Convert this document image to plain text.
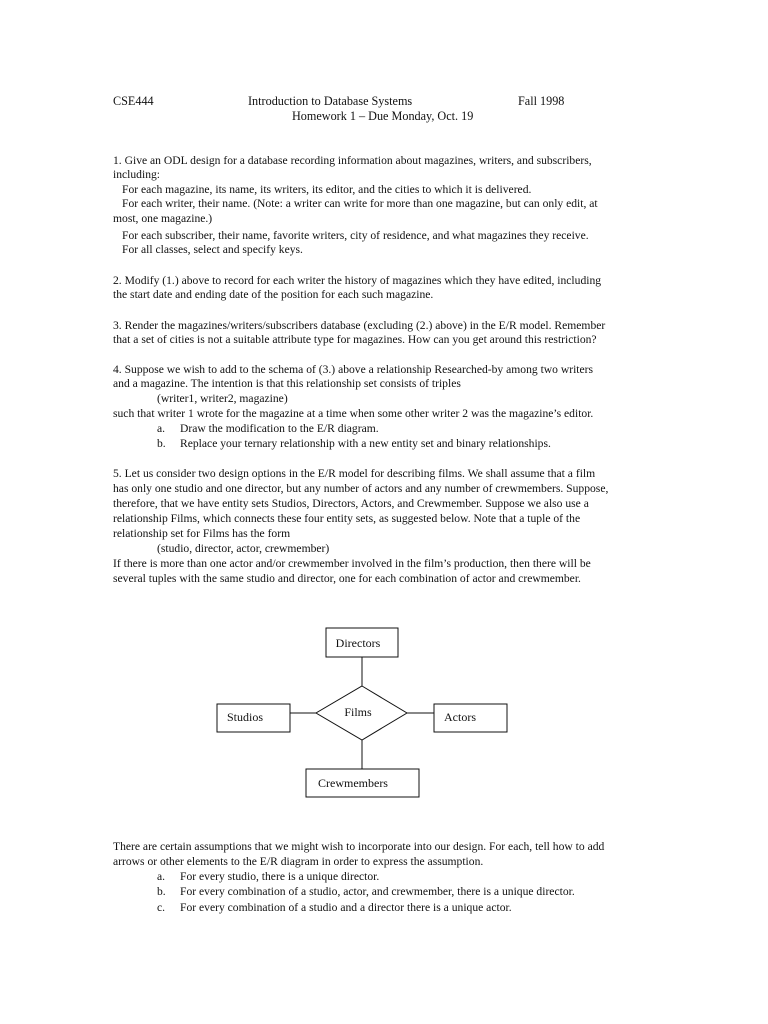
CSE444	Introduction to Database Systems	Fall 1998
Homework 1 – Due Monday, Oct. 19
1. Give an ODL design for a database recording information about magazines, writers, and subscribers,
including:
For each magazine, its name, its writers, its editor, and the cities to which it is delivered.
For each writer, their name. (Note: a writer can write for more than one magazine, but can only edit, at
most, one magazine.)
For each subscriber, their name, favorite writers, city of residence, and what magazines they receive.
For all classes, select and specify keys.
2. Modify (1.) above to record for each writer the history of magazines which they have edited, including
the start date and ending date of the position for each such magazine.
3. Render the magazines/writers/subscribers database (excluding (2.) above) in the E/R model. Remember
that a set of cities is not a suitable attribute type for magazines. How can you get around this restriction?
4. Suppose we wish to add to the schema of (3.) above a relationship Researched-by among two writers
and a magazine. The intention is that this relationship set consists of triples
(writer1, writer2, magazine)
such that writer 1 wrote for the magazine at a time when some other writer 2 was the magazine’s editor.
a. Draw the modification to the E/R diagram.
b. Replace your ternary relationship with a new entity set and binary relationships.
5. Let us consider two design options in the E/R model for describing films. We shall assume that a film
has only one studio and one director, but any number of actors and any number of crewmembers. Suppose,
therefore, that we have entity sets Studios, Directors, Actors, and Crewmember. Suppose we also use a
relationship Films, which connects these four entity sets, as suggested below. Note that a tuple of the
relationship set for Films has the form
(studio, director, actor, crewmember)
If there is more than one actor and/or crewmember involved in the film’s production, then there will be
several tuples with the same studio and director, one for each combination of actor and crewmember.
Directors
Studios	Films	Actors
Crewmembers
There are certain assumptions that we might wish to incorporate into our design. For each, tell how to add
arrows or other elements to the E/R diagram in order to express the assumption.
a. For every studio, there is a unique director.
b. For every combination of a studio, actor, and crewmember, there is a unique director.
c. For every combination of a studio and a director there is a unique actor.
